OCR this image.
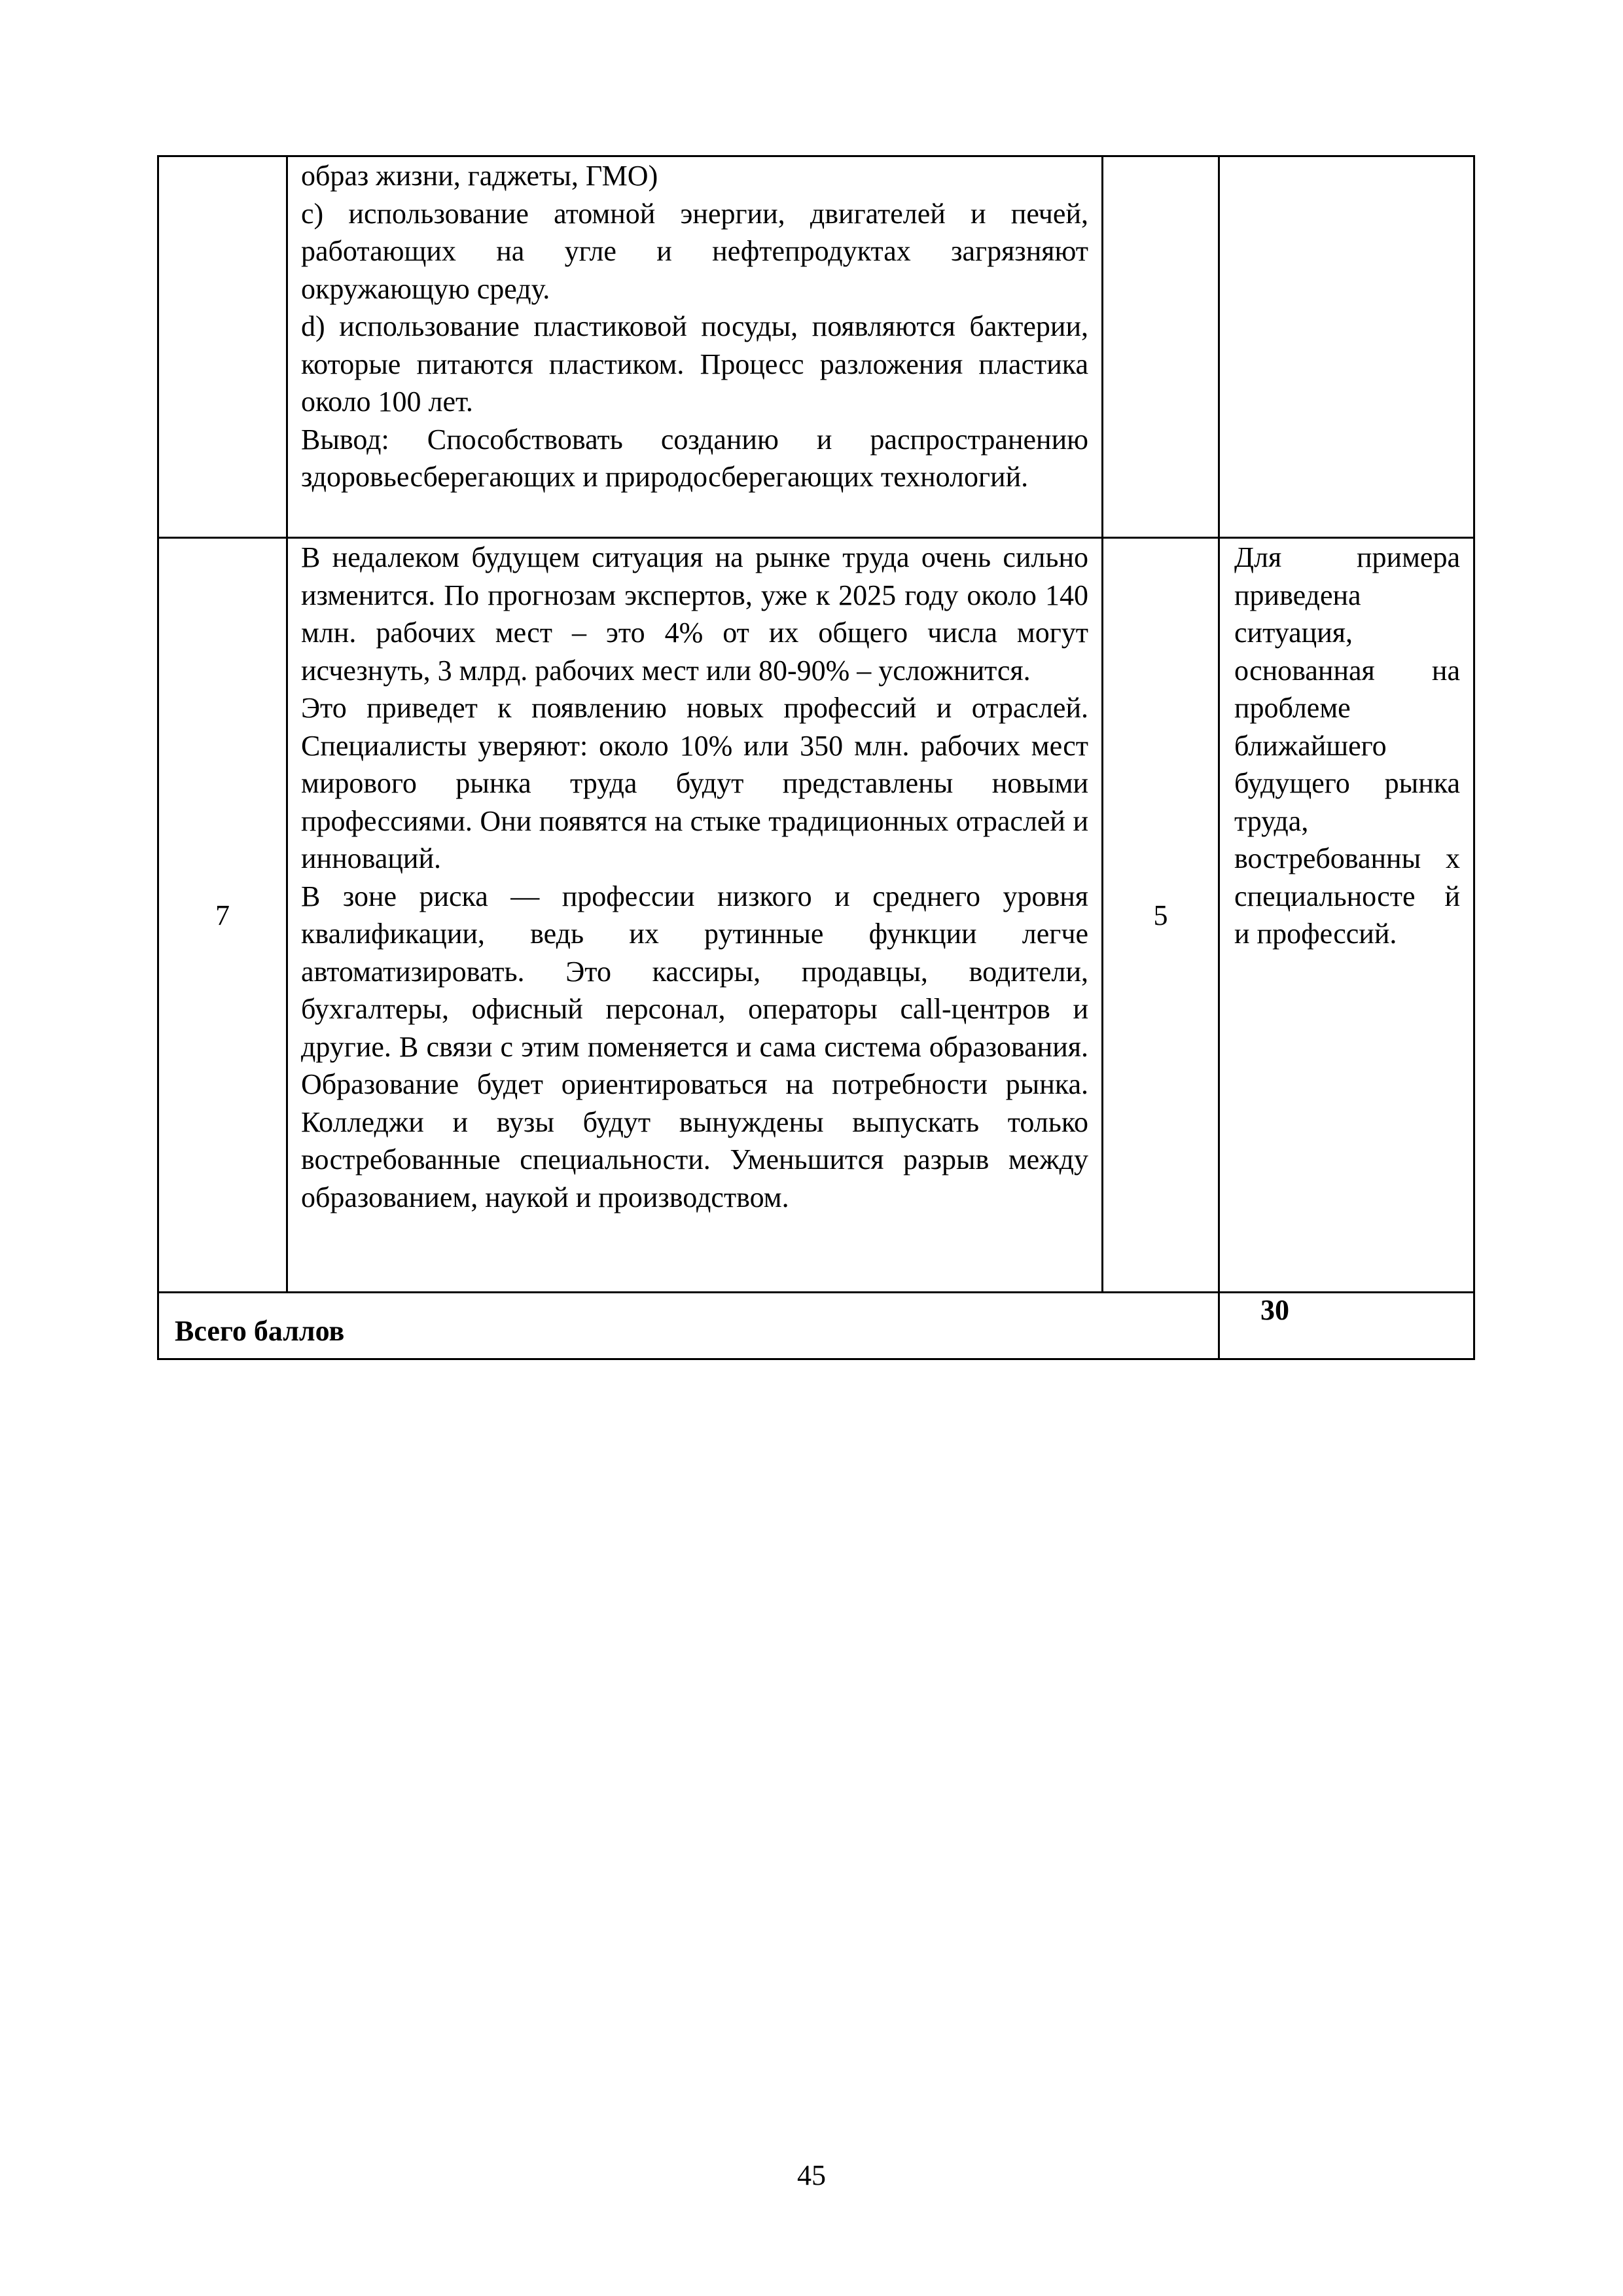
	образ жизни, гаджеты, ГМО)

с) использование атомной энергии, двигателей и печей, работающих на угле и нефтепродуктах загрязняют окружающую среду.

d) использование пластиковой посуды, появляются бактерии, которые питаются пластиком. Процесс разложения пластика около 100 лет.

Вывод: Способствовать созданию и распространению здоровьесберегающих и природосберегающих технологий.		

7	В недалеком будущем ситуация на рынке труда очень сильно изменится. По прогнозам экспертов, уже к 2025 году около 140 млн. рабочих мест – это 4% от их общего числа могут исчезнуть, 3 млрд. рабочих мест или 80-90% – усложнится.

Это приведет к появлению новых профессий и отраслей. Специалисты уверяют: около 10% или 350 млн. рабочих мест мирового рынка труда будут представлены новыми профессиями. Они появятся на стыке традиционных отраслей и инноваций.

В зоне риска — профессии низкого и среднего уровня квалификации, ведь их рутинные функции легче автоматизировать. Это кассиры, продавцы, водители, бухгалтеры, офисный персонал, операторы call-центров и другие. В связи с этим поменяется и сама система образования. Образование будет ориентироваться на потребности рынка. Колледжи и вузы будут вынуждены выпускать только востребованные специальности. Уменьшится разрыв между образованием, наукой и производством.	5	Для примера приведена ситуация, основанная на проблеме ближайшего будущего рынка труда, востребованны х специальносте й и профессий.

Всего баллов			30
45
